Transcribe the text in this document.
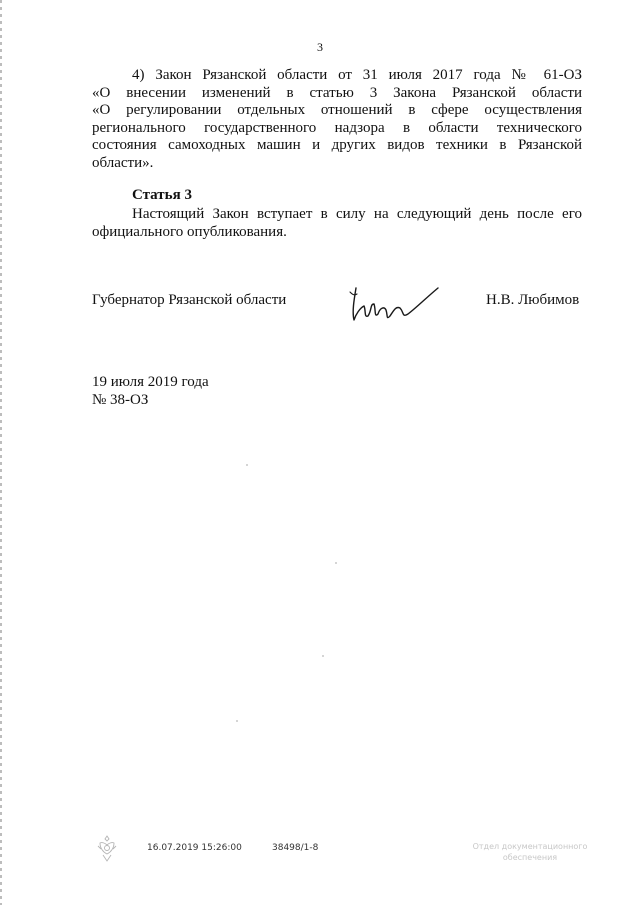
3
4) Закон Рязанской области от 31 июля 2017 года № 61-ОЗ
«О внесении изменений в статью 3 Закона Рязанской области
«О регулировании отдельных отношений в сфере осуществления
регионального государственного надзора в области технического
состояния самоходных машин и других видов техники в Рязанской
области».
Статья 3
Настоящий Закон вступает в силу на следующий день после его
официального опубликования.
Губернатор Рязанской области	Н.В. Любимов
19 июля 2019 года
№ 38-ОЗ
16.07.2019 15:26:00	38498/1-8	Отдел документационного
обеспечения
